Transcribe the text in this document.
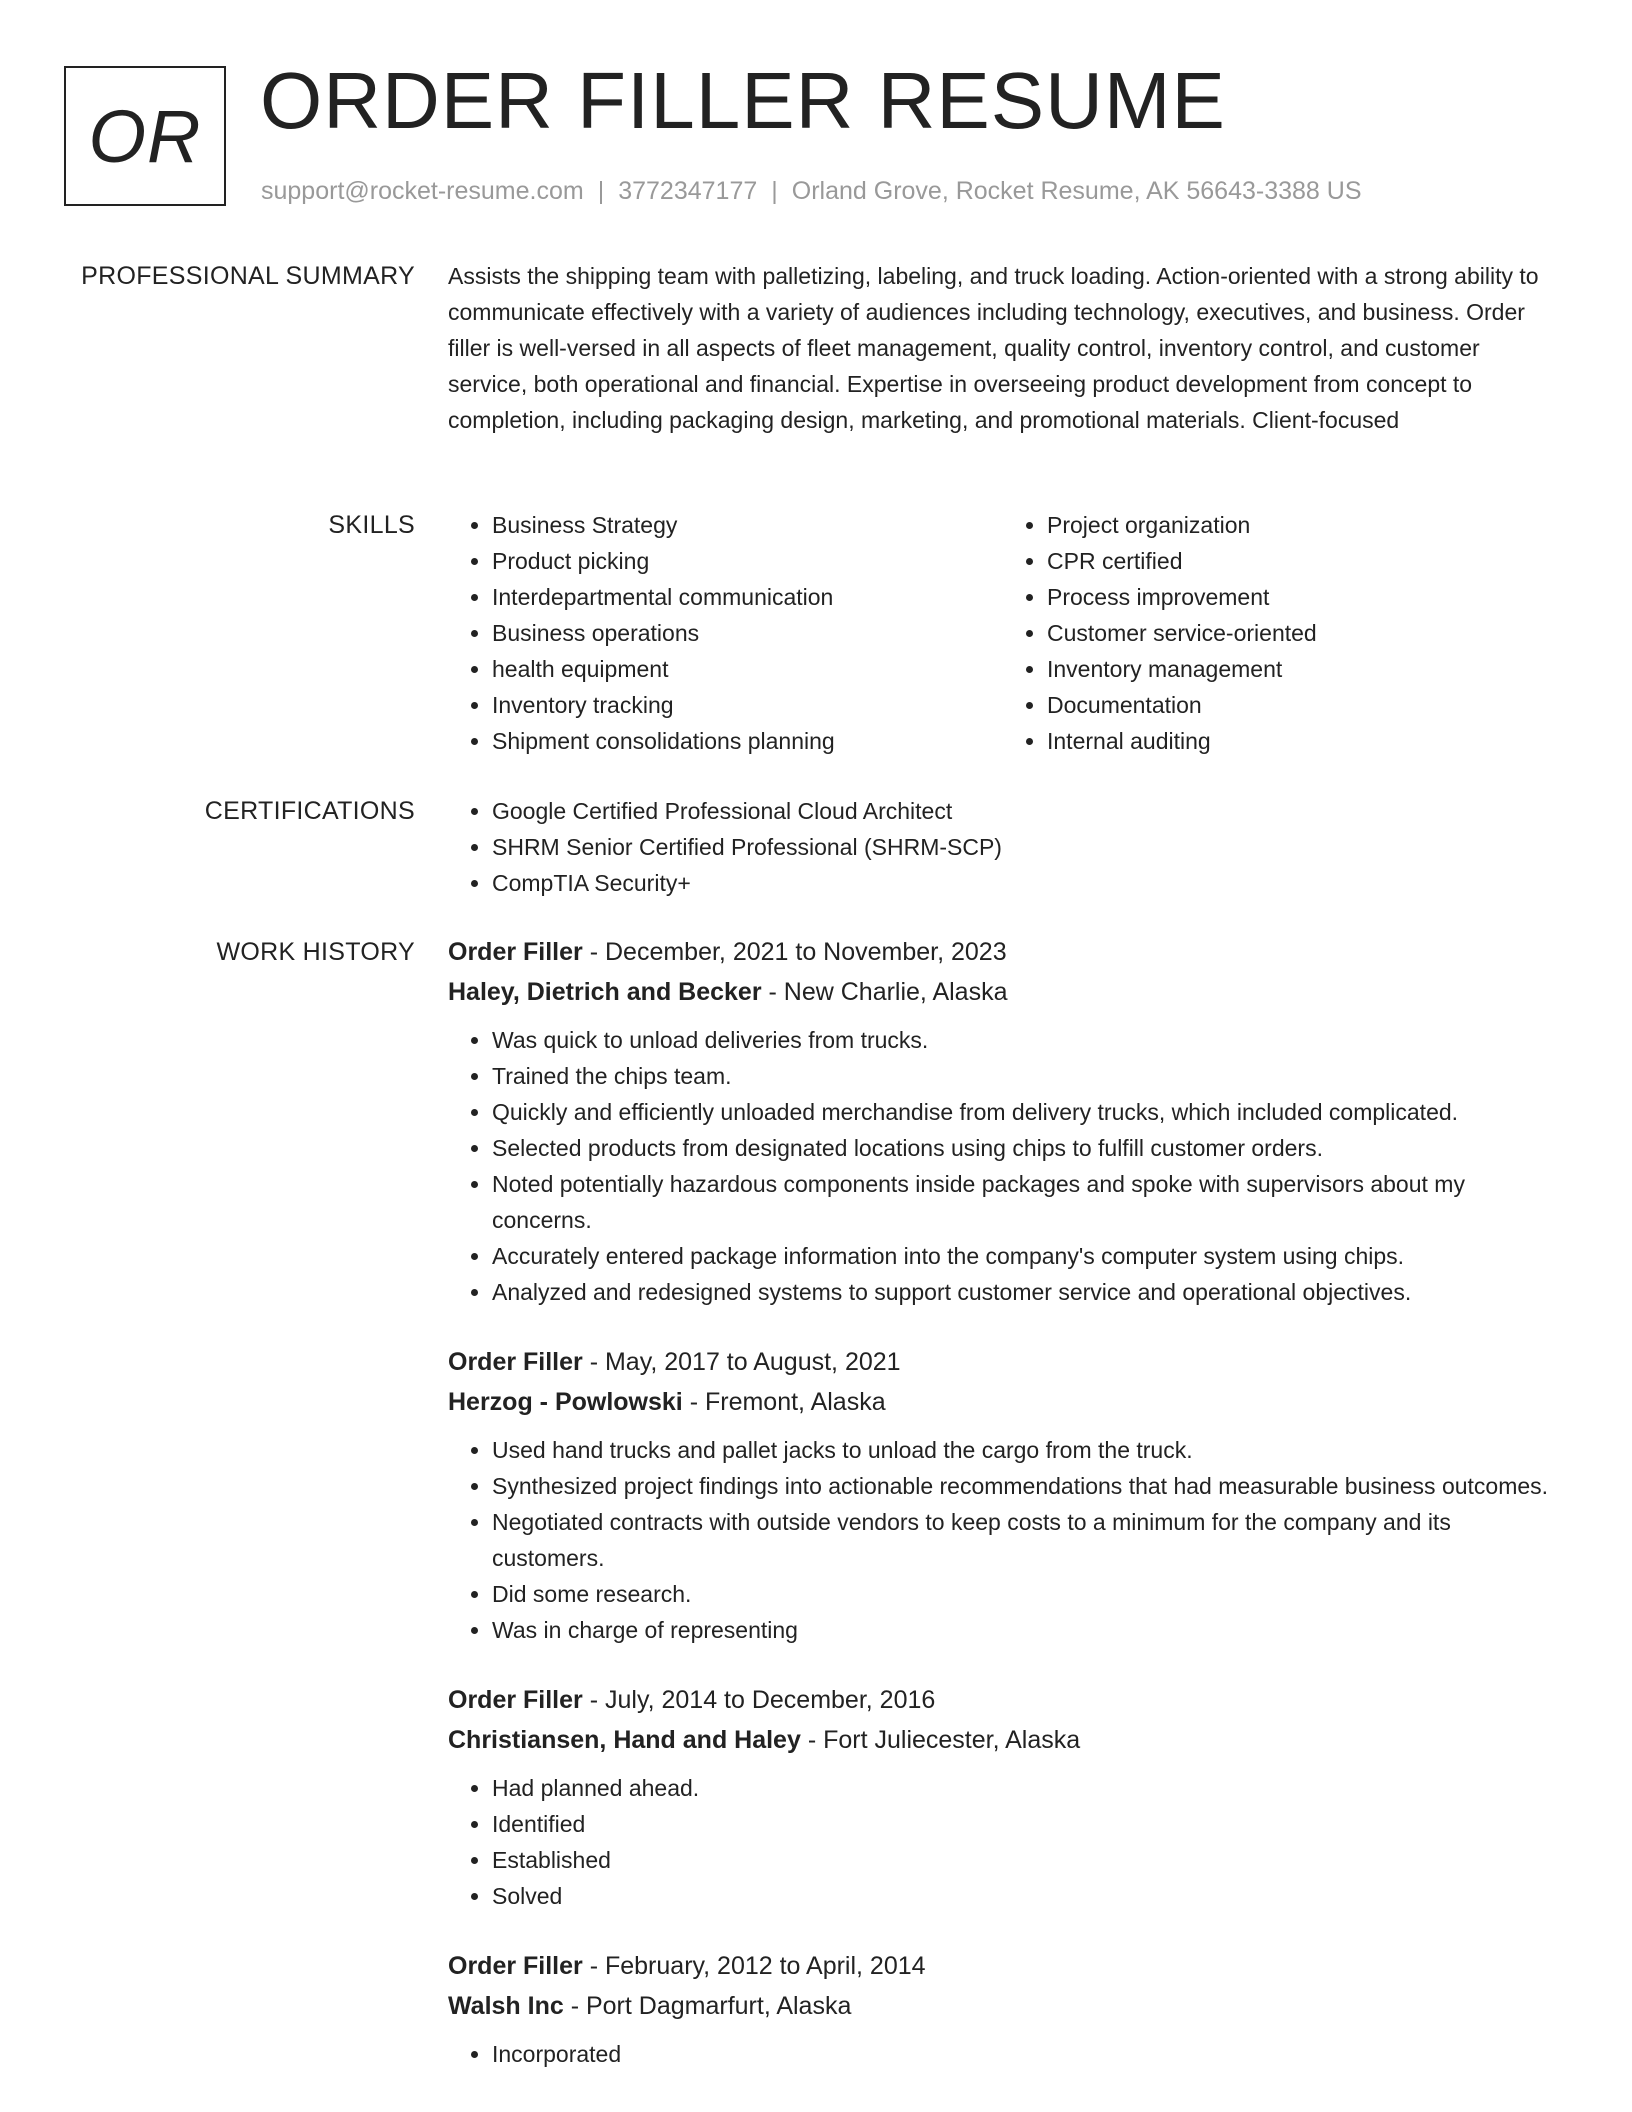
OR ORDER FILLER RESUME
support@rocket-resume.com | 3772347177 | Orland Grove, Rocket Resume, AK 56643-3388 US
PROFESSIONAL SUMMARY Assists the shipping team with palletizing, labeling, and truck loading. Action-oriented with a strong ability to communicate effectively with a variety of audiences including technology, executives, and business. Order filler is well-versed in all aspects of fleet management, quality control, inventory control, and customer service, both operational and financial. Expertise in overseeing product development from concept to completion, including packaging design, marketing, and promotional materials. Client-focused

SKILLS	• Business Strategy
• Product picking
• Interdepartmental communication
• Business operations
• health equipment
• Inventory tracking
• Shipment consolidations planning
• Project organization
• CPR certified
• Process improvement
• Customer service-oriented
• Inventory management
• Documentation
• Internal auditing
CERTIFICATIONS	• Google Certified Professional Cloud Architect
• SHRM Senior Certified Professional (SHRM-SCP)
• CompTIA Security+
WORK HISTORY Order Filler - December, 2021 to November, 2023
Haley, Dietrich and Becker - New Charlie, Alaska
• Was quick to unload deliveries from trucks.
• Trained the chips team.
• Quickly and efficiently unloaded merchandise from delivery trucks, which included complicated.
• Selected products from designated locations using chips to fulfill customer orders.
• Noted potentially hazardous components inside packages and spoke with supervisors about my concerns.
• Accurately entered package information into the company's computer system using chips.
• Analyzed and redesigned systems to support customer service and operational objectives.
Order Filler - May, 2017 to August, 2021
Herzog - Powlowski - Fremont, Alaska
• Used hand trucks and pallet jacks to unload the cargo from the truck.
• Synthesized project findings into actionable recommendations that had measurable business outcomes.
• Negotiated contracts with outside vendors to keep costs to a minimum for the company and its customers.
• Did some research.
• Was in charge of representing
Order Filler - July, 2014 to December, 2016
Christiansen, Hand and Haley - Fort Juliecester, Alaska
• Had planned ahead.
• Identified
• Established
• Solved
Order Filler - February, 2012 to April, 2014
Walsh Inc - Port Dagmarfurt, Alaska
• Incorporated
